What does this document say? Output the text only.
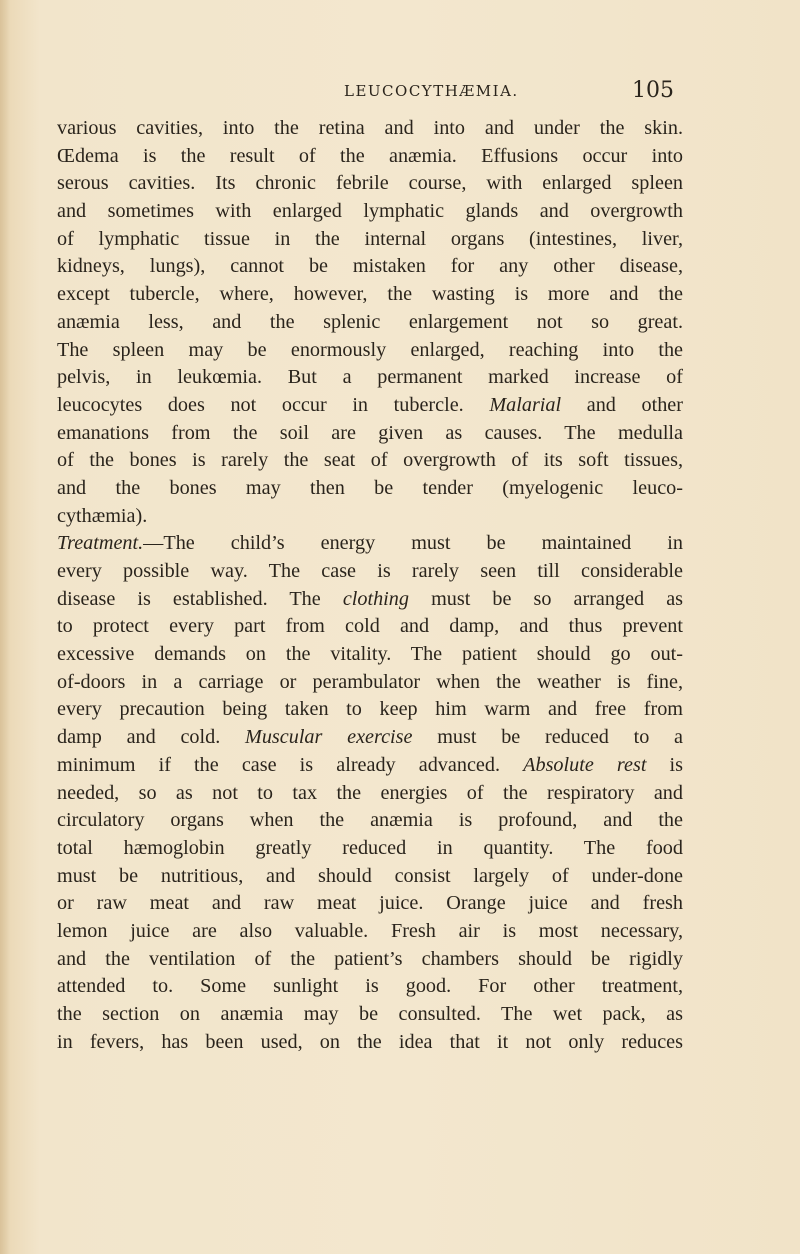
LEUCOCYTHÆMIA.	105
various cavities, into the retina and into and under the skin.
Œdema is the result of the anæmia. Effusions occur into
serous cavities. Its chronic febrile course, with enlarged spleen
and sometimes with enlarged lymphatic glands and overgrowth
of lymphatic tissue in the internal organs (intestines, liver,
kidneys, lungs), cannot be mistaken for any other disease,
except tubercle, where, however, the wasting is more and the
anæmia less, and the splenic enlargement not so great.
The spleen may be enormously enlarged, reaching into the
pelvis, in leukœmia. But a permanent marked increase of
leucocytes does not occur in tubercle. Malarial and other
emanations from the soil are given as causes. The medulla
of the bones is rarely the seat of overgrowth of its soft tissues,
and the bones may then be tender (myelogenic leuco-
cythæmia).
Treatment.—The child’s energy must be maintained in
every possible way. The case is rarely seen till considerable
disease is established. The clothing must be so arranged as
to protect every part from cold and damp, and thus prevent
excessive demands on the vitality. The patient should go out-
of-doors in a carriage or perambulator when the weather is fine,
every precaution being taken to keep him warm and free from
damp and cold. Muscular exercise must be reduced to a
minimum if the case is already advanced. Absolute rest is
needed, so as not to tax the energies of the respiratory and
circulatory organs when the anæmia is profound, and the
total hæmoglobin greatly reduced in quantity. The food
must be nutritious, and should consist largely of under-done
or raw meat and raw meat juice. Orange juice and fresh
lemon juice are also valuable. Fresh air is most necessary,
and the ventilation of the patient’s chambers should be rigidly
attended to. Some sunlight is good. For other treatment,
the section on anæmia may be consulted. The wet pack, as
in fevers, has been used, on the idea that it not only reduces
